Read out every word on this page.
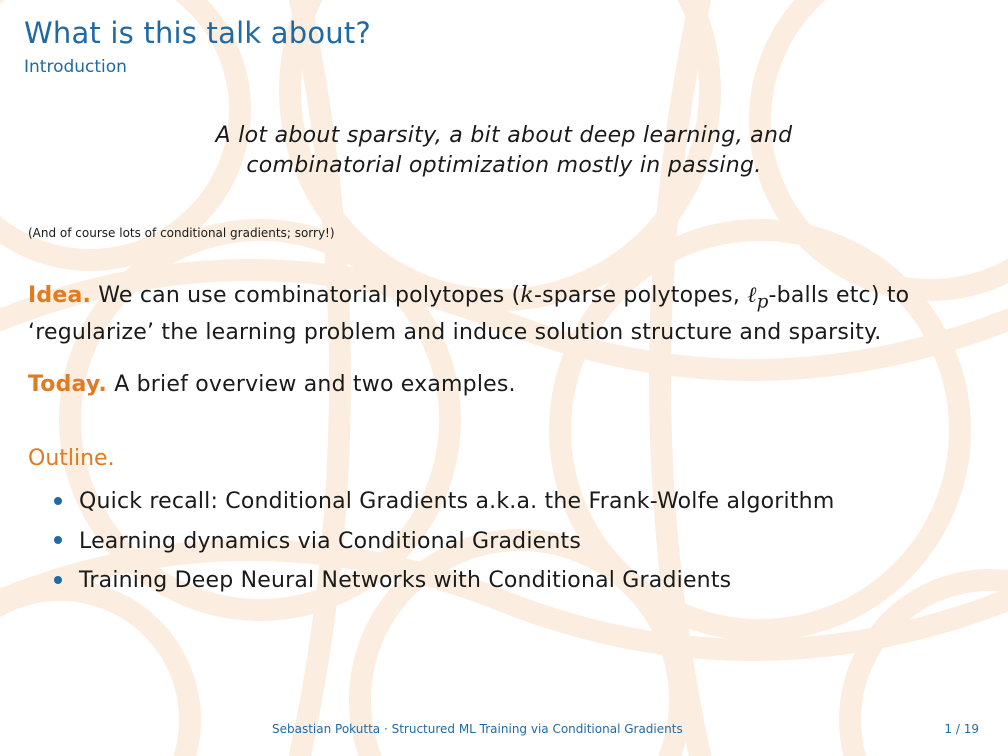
What is this talk about?
Introduction
A lot about sparsity, a bit about deep learning, and
combinatorial optimization mostly in passing.
(And of course lots of conditional gradients; sorry!)
Idea. We can use combinatorial polytopes (k-sparse polytopes, ℓ$_p$-balls etc) to
‘regularize’ the learning problem and induce solution structure and sparsity.
Today. A brief overview and two examples.
Outline.
Quick recall: Conditional Gradients a.k.a. the Frank-Wolfe algorithm
Learning dynamics via Conditional Gradients
Training Deep Neural Networks with Conditional Gradients
Sebastian Pokutta · Structured ML Training via Conditional Gradients	1 / 19
